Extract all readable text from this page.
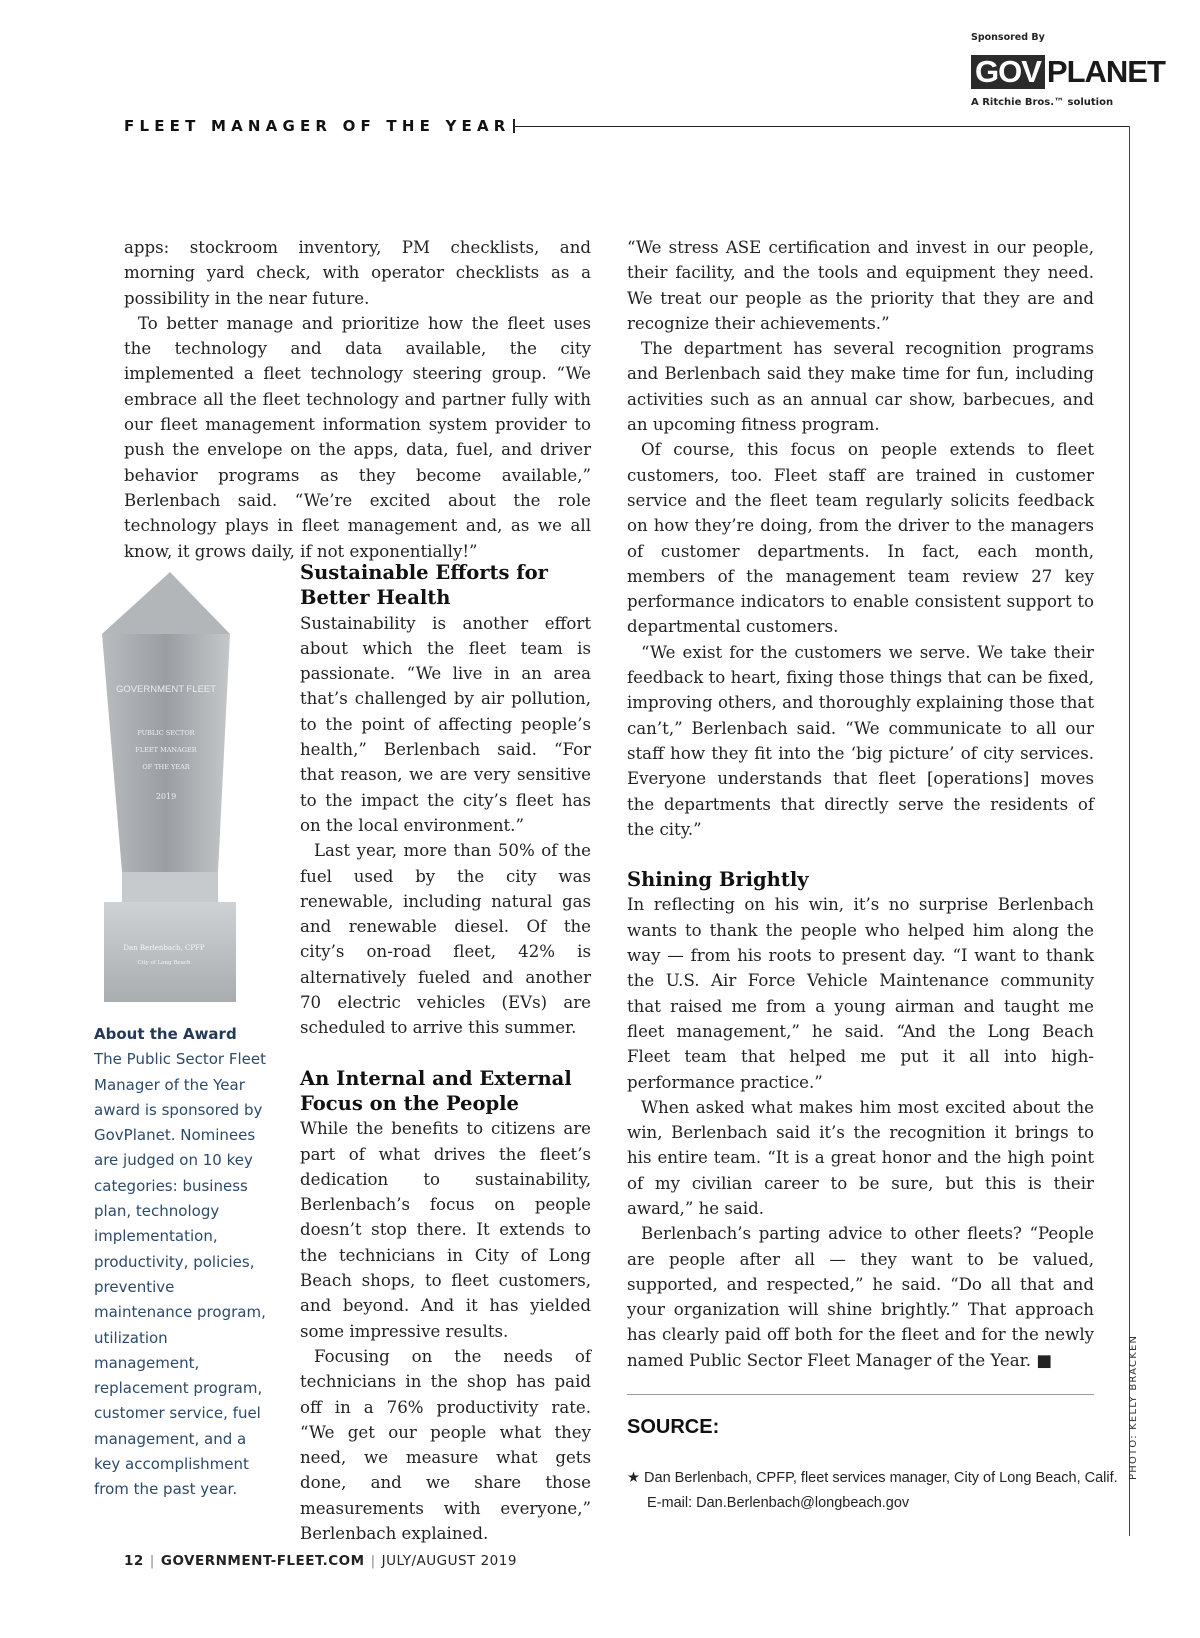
FLEET MANAGER OF THE YEAR
Sponsored By
GOV PLANET
A Ritchie Bros.™ solution

apps: stockroom inventory, PM checklists, and morning yard check, with operator checklists as a possibility in the near future.

To better manage and prioritize how the fleet uses the technology and data available, the city implemented a fleet technology steering group. “We embrace all the fleet technology and partner fully with our fleet management information system provider to push the envelope on the apps, data, fuel, and driver behavior programs as they become available,” Berlenbach said. “We’re excited about the role technology plays in fleet management and, as we all know, it grows daily, if not exponentially!”

GOVERNMENT FLEET
PUBLIC SECTOR
FLEET MANAGER
OF THE YEAR
2019
Dan Berlenbach, CPFP
City of Long Beach
About the Award
The Public Sector Fleet Manager of the Year award is sponsored by GovPlanet. Nominees are judged on 10 key categories: business plan, technology implementation, productivity, policies, preventive maintenance program, utilization management, replacement program, customer service, fuel management, and a key accomplishment from the past year.
Sustainable Efforts for Better Health

Sustainability is another effort about which the fleet team is passionate. “We live in an area that’s challenged by air pollution, to the point of affecting people’s health,” Berlenbach said. “For that reason, we are very sensitive to the impact the city’s fleet has on the local environment.”

Last year, more than 50% of the fuel used by the city was renewable, including natural gas and renewable diesel. Of the city’s on-road fleet, 42% is alternatively fueled and another 70 electric vehicles (EVs) are scheduled to arrive this summer.

An Internal and External Focus on the People

While the benefits to citizens are part of what drives the fleet’s dedication to sustainability, Berlenbach’s focus on people doesn’t stop there. It extends to the technicians in City of Long Beach shops, to fleet customers, and beyond. And it has yielded some impressive results.

Focusing on the needs of technicians in the shop has paid off in a 76% productivity rate. “We get our people what they need, we measure what gets done, and we share those measurements with everyone,” Berlenbach explained.

“We stress ASE certification and invest in our people, their facility, and the tools and equipment they need. We treat our people as the priority that they are and recognize their achievements.”

The department has several recognition programs and Berlenbach said they make time for fun, including activities such as an annual car show, barbecues, and an upcoming fitness program.

Of course, this focus on people extends to fleet customers, too. Fleet staff are trained in customer service and the fleet team regularly solicits feedback on how they’re doing, from the driver to the managers of customer departments. In fact, each month, members of the management team review 27 key performance indicators to enable consistent support to departmental customers.

“We exist for the customers we serve. We take their feedback to heart, fixing those things that can be fixed, improving others, and thoroughly explaining those that can’t,” Berlenbach said. “We communicate to all our staff how they fit into the ‘big picture’ of city services. Everyone understands that fleet [operations] moves the departments that directly serve the residents of the city.”

Shining Brightly

In reflecting on his win, it’s no surprise Berlenbach wants to thank the people who helped him along the way — from his roots to present day. “I want to thank the U.S. Air Force Vehicle Maintenance community that raised me from a young airman and taught me fleet management,” he said. “And the Long Beach Fleet team that helped me put it all into high-performance practice.”

When asked what makes him most excited about the win, Berlenbach said it’s the recognition it brings to his entire team. “It is a great honor and the high point of my civilian career to be sure, but this is their award,” he said.

Berlenbach’s parting advice to other fleets? “People are people after all — they want to be valued, supported, and respected,” he said. “Do all that and your organization will shine brightly.” That approach has clearly paid off both for the fleet and for the newly named Public Sector Fleet Manager of the Year. ■

SOURCE:
★ Dan Berlenbach, CPFP, fleet services manager, City of Long Beach, Calif.
E-mail: Dan.Berlenbach@longbeach.gov
PHOTO: KELLY BRACKEN
12 | GOVERNMENT-FLEET.COM | JULY/AUGUST 2019
